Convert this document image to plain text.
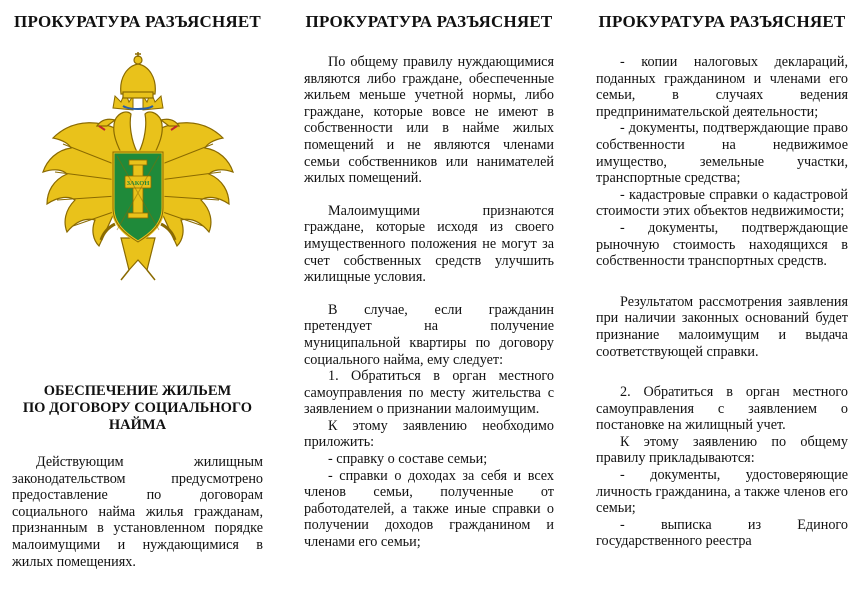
ПРОКУРАТУРА РАЗЪЯСНЯЕТ
ЗАКОН
ОБЕСПЕЧЕНИЕ ЖИЛЬЕМ
ПО ДОГОВОРУ СОЦИАЛЬНОГО
НАЙМА

Действующим жилищным законодательством предусмотрено предоставление по договорам социального найма жилья гражданам, признанным в установленном порядке малоимущими и нуждающимися в жилых помещениях.

ПРОКУРАТУРА РАЗЪЯСНЯЕТ

По общему правилу нуждающимися являются либо граждане, обеспеченные жильем меньше учетной нормы, либо граждане, которые вовсе не имеют в собственности или в найме жилых помещений и не являются членами семьи собственников или нанимателей жилых помещений.

Малоимущими признаются граждане, которые исходя из своего имущественного положения не могут за счет собственных средств улучшить жилищные условия.

В случае, если гражданин претендует на получение муниципальной квартиры по договору социального найма, ему следует:

1. Обратиться в орган местного самоуправления по месту жительства с заявлением о признании малоимущим.

К этому заявлению необходимо приложить:

- справку о составе семьи;

- справки о доходах за себя и всех членов семьи, полученные от работодателей, а также иные справки о получении доходов гражданином и членами его семьи;

ПРОКУРАТУРА РАЗЪЯСНЯЕТ

- копии налоговых деклараций, поданных гражданином и членами его семьи, в случаях ведения предпринимательской деятельности;

- документы, подтверждающие право собственности на недвижимое имущество, земельные участки, транспортные средства;

- кадастровые справки о кадастровой стоимости этих объектов недвижимости;

- документы, подтверждающие рыночную стоимость находящихся в собственности транспортных средств.

Результатом рассмотрения заявления при наличии законных оснований будет признание малоимущим и выдача соответствующей справки.

2. Обратиться в орган местного самоуправления с заявлением о постановке на жилищный учет.

К этому заявлению по общему правилу прикладываются:

- документы, удостоверяющие личность гражданина, а также членов его семьи;

- выписка из Единого государственного реестра
